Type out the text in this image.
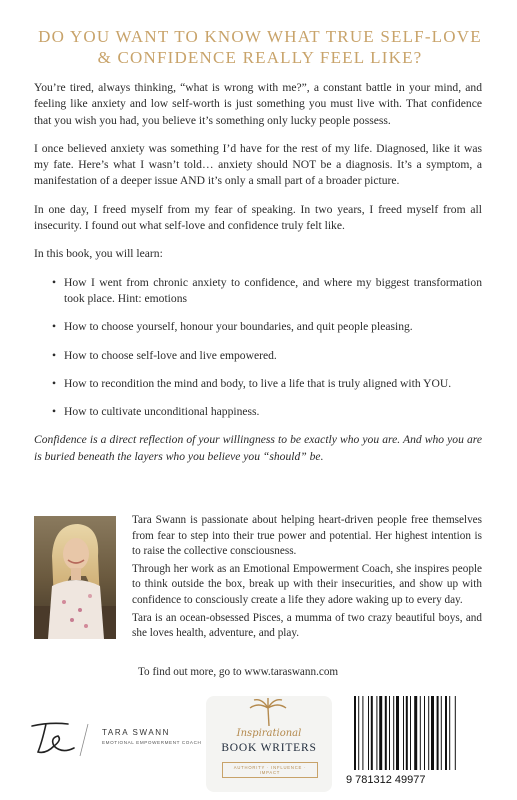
DO YOU WANT TO KNOW WHAT TRUE SELF-LOVE
& CONFIDENCE REALLY FEEL LIKE?

You’re tired, always thinking, “what is wrong with me?”, a constant battle in your mind, and feeling like anxiety and low self-worth is just something you must live with. That confidence that you wish you had, you believe it’s something only lucky people possess.

I once believed anxiety was something I’d have for the rest of my life. Diagnosed, like it was my fate. Here’s what I wasn’t told… anxiety should NOT be a diagnosis. It’s a symptom, a manifestation of a deeper issue AND it’s only a small part of a broader picture.

In one day, I freed myself from my fear of speaking. In two years, I freed myself from all insecurity. I found out what self-love and confidence truly felt like.

In this book, you will learn:

• How I went from chronic anxiety to confidence, and where my biggest transformation took place. Hint: emotions
• How to choose yourself, honour your boundaries, and quit people pleasing.
• How to choose self-love and live empowered.
• How to recondition the mind and body, to live a life that is truly aligned with YOU.
• How to cultivate unconditional happiness.

Confidence is a direct reflection of your willingness to be exactly who you are. And who you are is buried beneath the layers who you believe you “should” be.

Tara Swann is passionate about helping heart-driven people free themselves from fear to step into their true power and potential. Her highest intention is to raise the collective consciousness.

Through her work as an Emotional Empowerment Coach, she inspires people to think outside the box, break up with their insecurities, and show up with confidence to consciously create a life they adore waking up to every day.

Tara is an ocean-obsessed Pisces, a mumma of two crazy beautiful boys, and she loves health, adventure, and play.

To find out more, go to www.taraswann.com
TARA SWANN
EMOTIONAL EMPOWERMENT COACH
Inspirational
BOOK WRITERS
AUTHORITY · INFLUENCE · IMPACT
9 781312 49977
